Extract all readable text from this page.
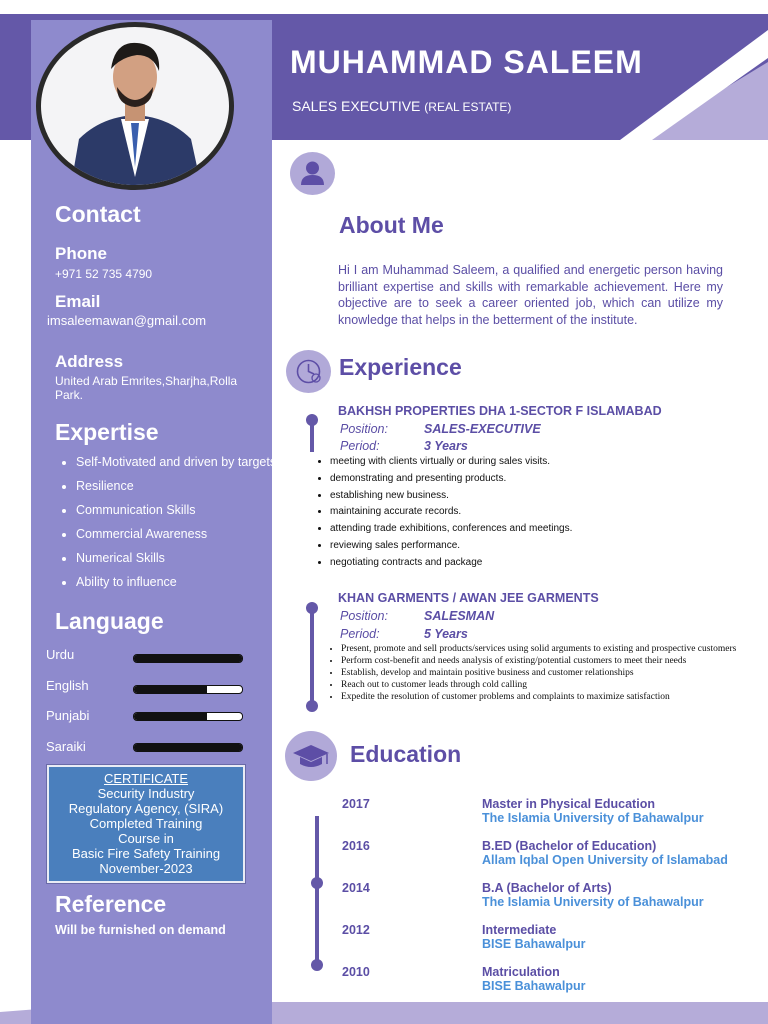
MUHAMMAD SALEEM
SALES EXECUTIVE (REAL ESTATE)
Contact
Phone
+971 52 735 4790
Email
imsaleemawan@gmail.com
Address
United Arab Emrites,Sharjha,Rolla
Park.
Expertise
• Self-Motivated and driven by targets
• Resilience
• Communication Skills
• Commercial Awareness
• Numerical Skills
• Ability to influence
Language
Urdu
English
Punjabi
Saraiki
CERTIFICATE
Security Industry
Regulatory Agency, (SIRA)
Completed Training
Course in
Basic Fire Safety Training
November-2023
Reference
Will be furnished on demand
About Me
Hi I am Muhammad Saleem, a qualified and energetic person having brilliant expertise and skills with remarkable achievement. Here my objective are to seek a career oriented job, which can utilize my knowledge that helps in the betterment of the institute.
Experience
BAKHSH PROPERTIES DHA 1-SECTOR F ISLAMABAD
Position:	SALES-EXECUTIVE
Period:	3 Years
• meeting with clients virtually or during sales visits.
• demonstrating and presenting products.
• establishing new business.
• maintaining accurate records.
• attending trade exhibitions, conferences and meetings.
• reviewing sales performance.
• negotiating contracts and package
KHAN GARMENTS / AWAN JEE GARMENTS
Position:	SALESMAN
Period:	5 Years
• Present, promote and sell products/services using solid arguments to existing and prospective customers
• Perform cost-benefit and needs analysis of existing/potential customers to meet their needs
• Establish, develop and maintain positive business and customer relationships
• Reach out to customer leads through cold calling
• Expedite the resolution of customer problems and complaints to maximize satisfaction
Education
2017	Master in Physical Education
The Islamia University of Bahawalpur
2016	B.ED (Bachelor of Education)
Allam Iqbal Open University of Islamabad
2014	B.A (Bachelor of Arts)
The Islamia University of Bahawalpur
2012	Intermediate
BISE Bahawalpur
2010	Matriculation
BISE Bahawalpur
